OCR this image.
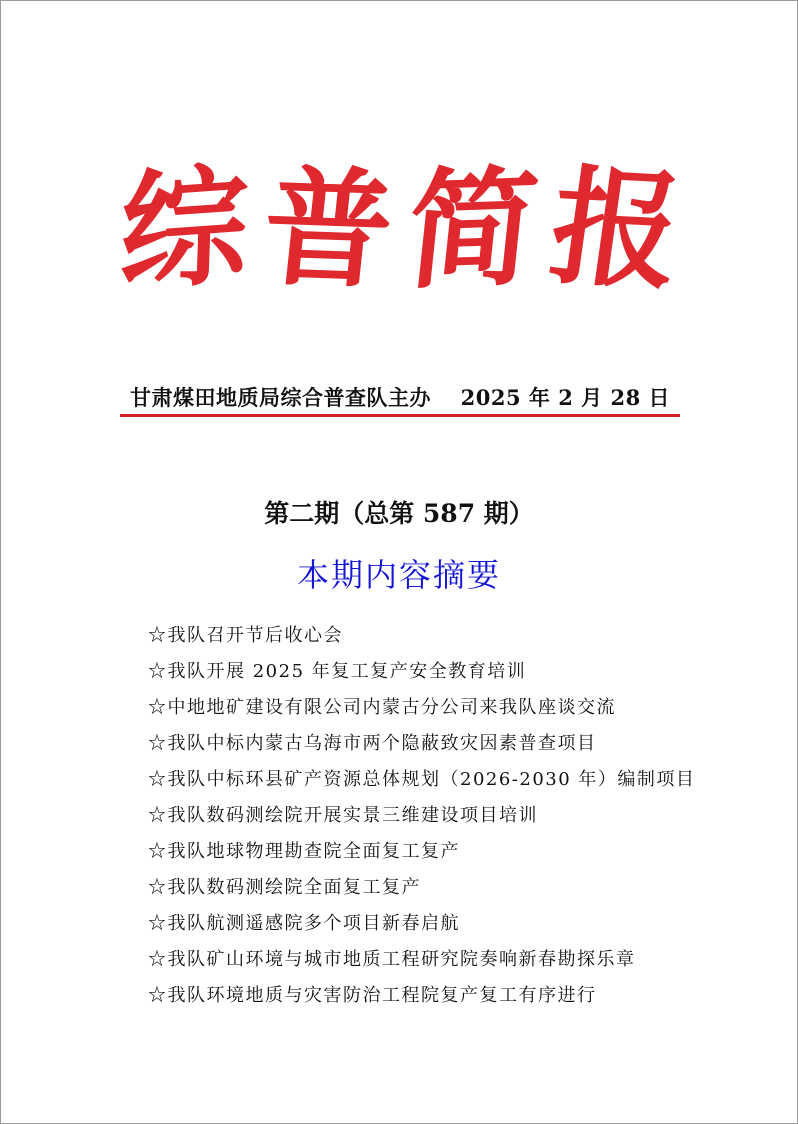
综 普 简
报
甘肃煤田地质局综合普查队主办 2025 年 2 月 28 日
第二期（总第 587 期）
本期内容摘要
☆我队召开节后收心会
☆我队开展 2025 年复工复产安全教育培训
☆中地地矿建设有限公司内蒙古分公司来我队座谈交流
☆我队中标内蒙古乌海市两个隐蔽致灾因素普查项目
☆我队中标环县矿产资源总体规划（2026-2030 年）编制项目
☆我队数码测绘院开展实景三维建设项目培训
☆我队地球物理勘查院全面复工复产
☆我队数码测绘院全面复工复产
☆我队航测遥感院多个项目新春启航
☆我队矿山环境与城市地质工程研究院奏响新春勘探乐章
☆我队环境地质与灾害防治工程院复产复工有序进行
